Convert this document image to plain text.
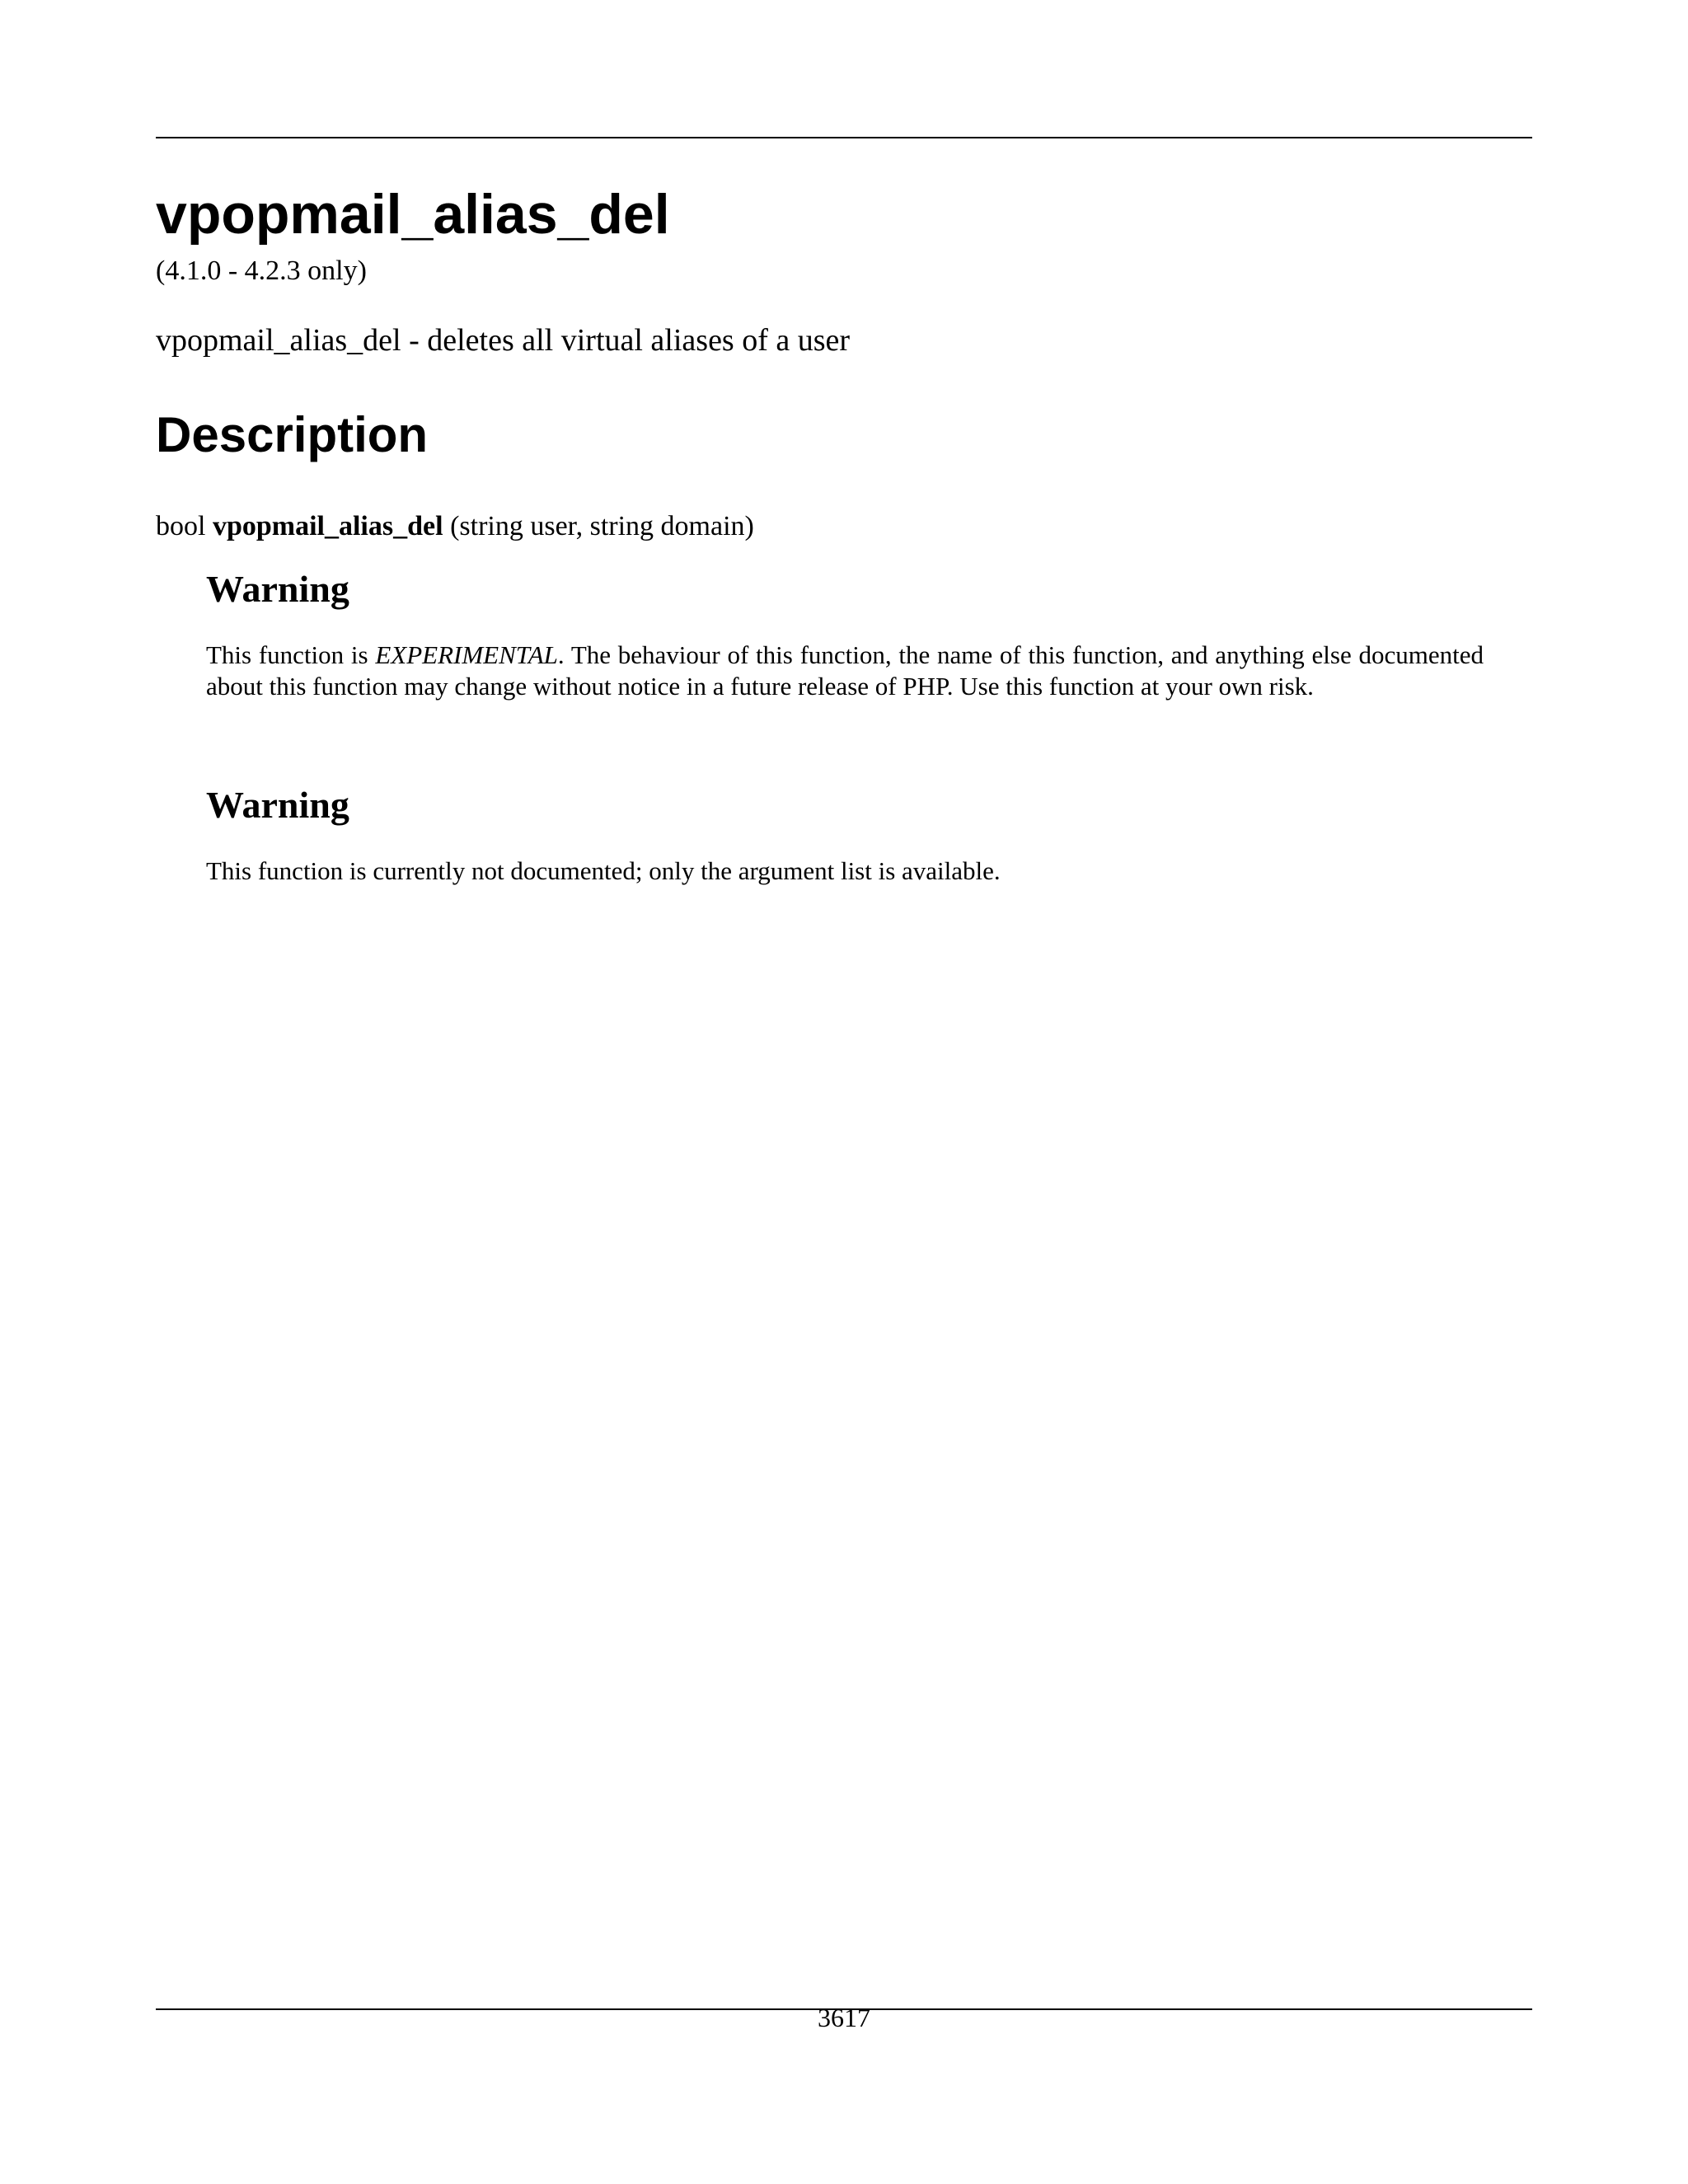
vpopmail_alias_del
(4.1.0 - 4.2.3 only)
vpopmail_alias_del - deletes all virtual aliases of a user
Description
bool vpopmail_alias_del (string user, string domain)
Warning

This function is EXPERIMENTAL. The behaviour of this function, the name of this function, and anything else documented about this function may change without notice in a future release of PHP. Use this function at your own risk.

Warning

This function is currently not documented; only the argument list is available.

3617
